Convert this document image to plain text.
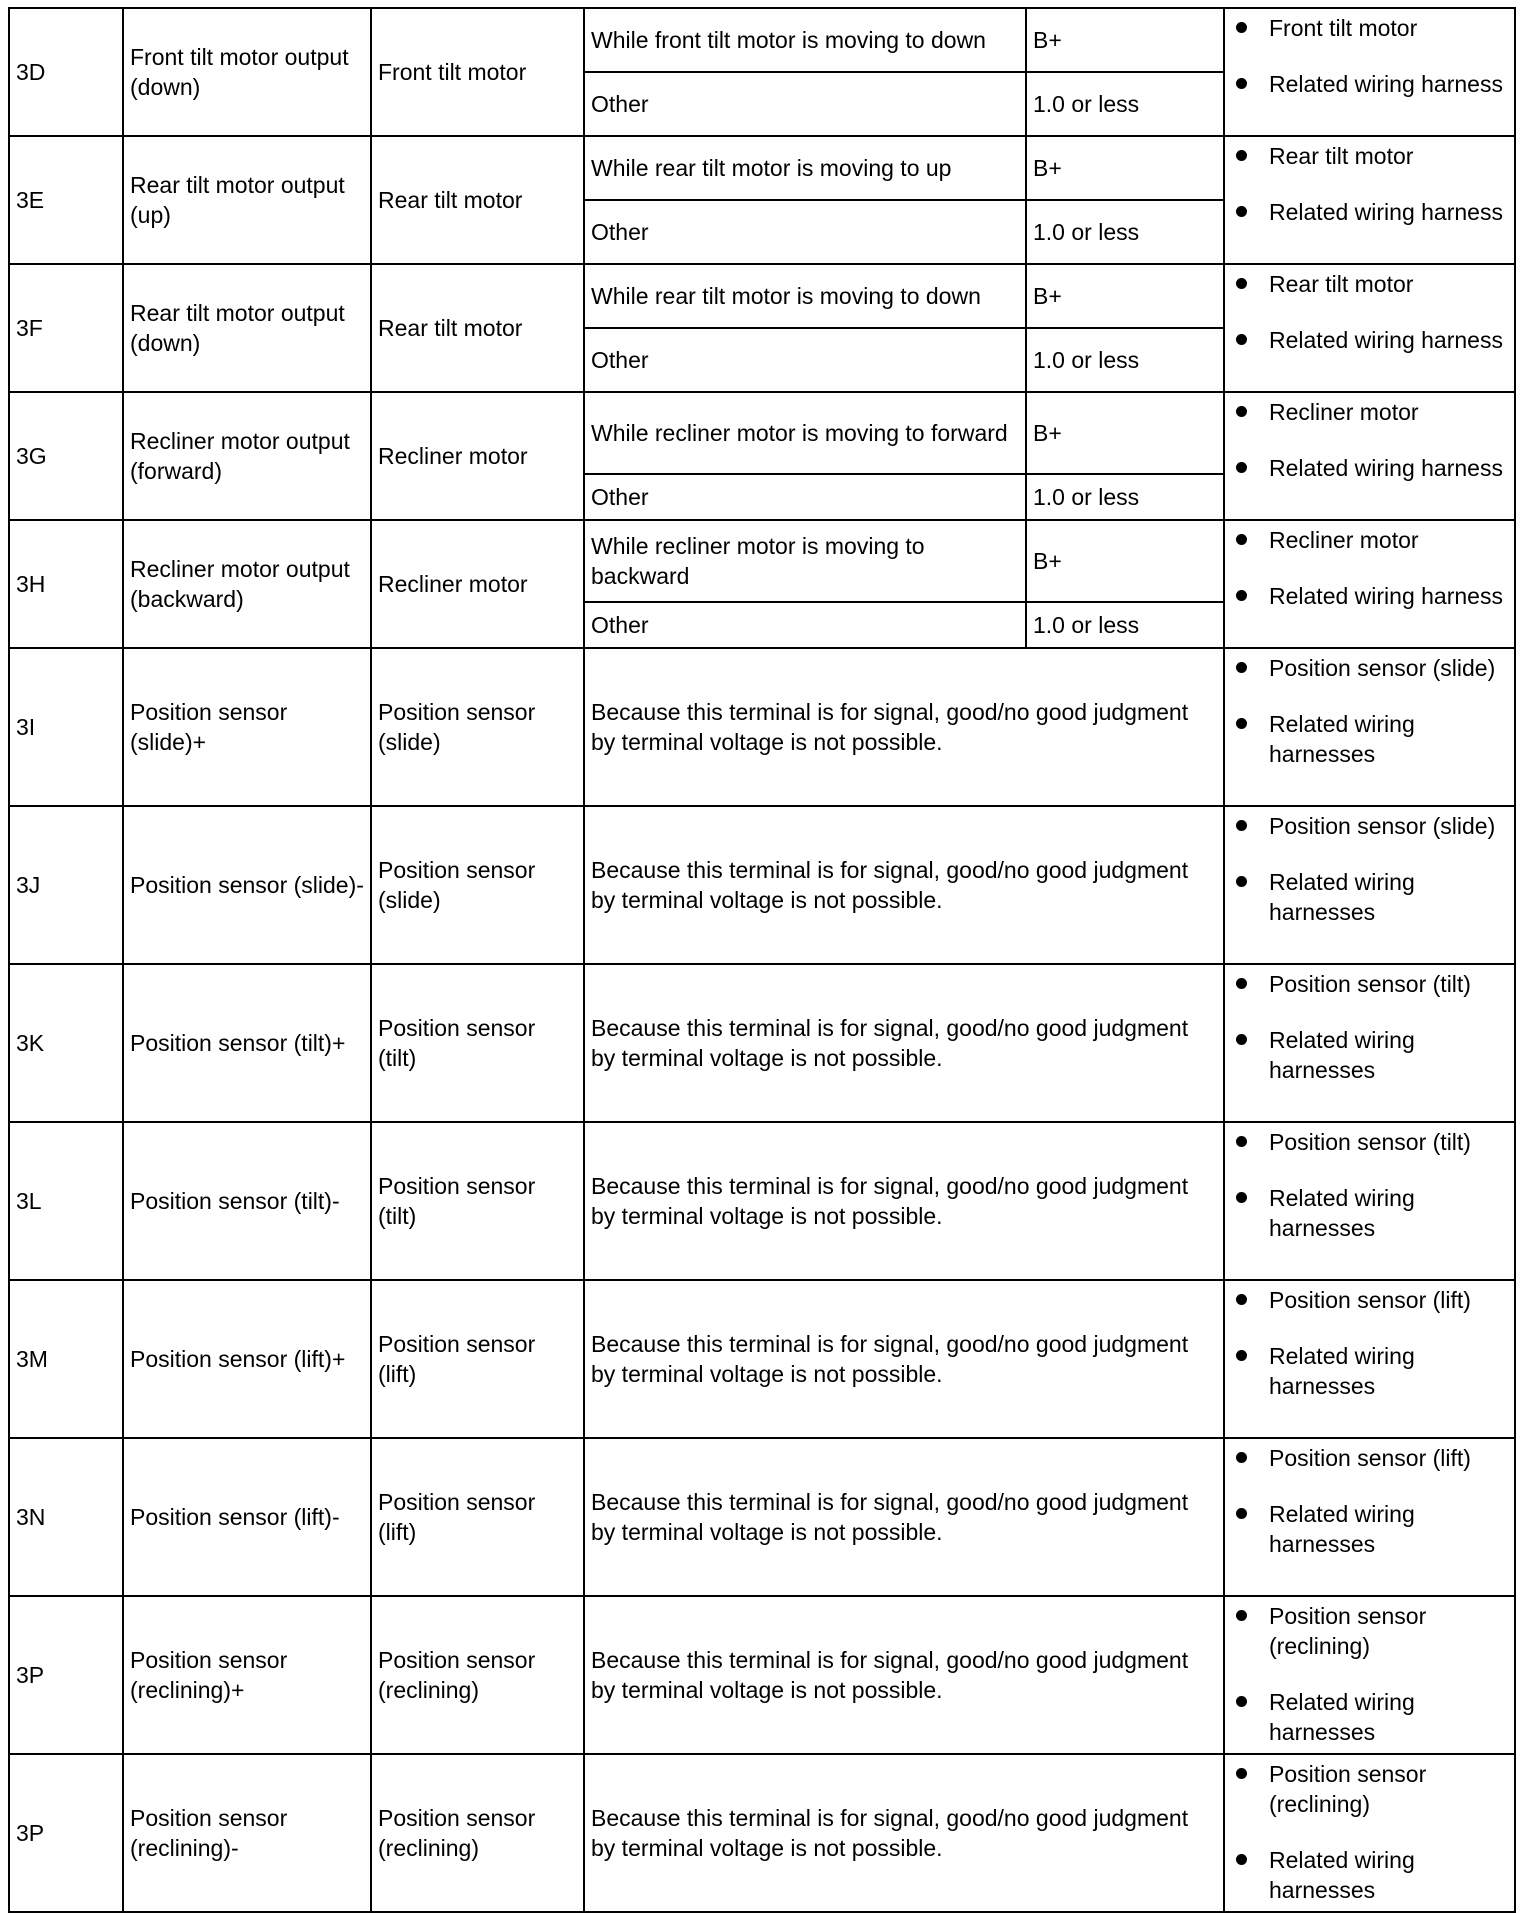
3D	Front tilt motor output (down)	Front tilt motor	While front tilt motor is moving to down	B+	Front tilt motor
Related wiring harness

			Other	1.0 or less	
3E	Rear tilt motor output (up)	Rear tilt motor	While rear tilt motor is moving to up	B+	Rear tilt motor
Related wiring harness

			Other	1.0 or less	
3F	Rear tilt motor output (down)	Rear tilt motor	While rear tilt motor is moving to down	B+	Rear tilt motor
Related wiring harness

			Other	1.0 or less	
3G	Recliner motor output (forward)	Recliner motor	While recliner motor is moving to forward	B+	Recliner motor
Related wiring harness

			Other	1.0 or less	
3H	Recliner motor output (backward)	Recliner motor	While recliner motor is moving to backward	B+	Recliner motor
Related wiring harness

			Other	1.0 or less	
3I	Position sensor (slide)+	Position sensor (slide)	Because this terminal is for signal, good/no good judgment by terminal voltage is not possible.		Position sensor (slide)
Related wiring harnesses

3J	Position sensor (slide)-	Position sensor (slide)	Because this terminal is for signal, good/no good judgment by terminal voltage is not possible.		Position sensor (slide)
Related wiring harnesses

3K	Position sensor (tilt)+	Position sensor (tilt)	Because this terminal is for signal, good/no good judgment by terminal voltage is not possible.		Position sensor (tilt)
Related wiring harnesses

3L	Position sensor (tilt)-	Position sensor (tilt)	Because this terminal is for signal, good/no good judgment by terminal voltage is not possible.		Position sensor (tilt)
Related wiring harnesses

3M	Position sensor (lift)+	Position sensor (lift)	Because this terminal is for signal, good/no good judgment by terminal voltage is not possible.		Position sensor (lift)
Related wiring harnesses

3N	Position sensor (lift)-	Position sensor (lift)	Because this terminal is for signal, good/no good judgment by terminal voltage is not possible.		Position sensor (lift)
Related wiring harnesses

3P	Position sensor (reclining)+	Position sensor (reclining)	Because this terminal is for signal, good/no good judgment by terminal voltage is not possible.		Position sensor (reclining)
Related wiring harnesses

3P	Position sensor (reclining)-	Position sensor (reclining)	Because this terminal is for signal, good/no good judgment by terminal voltage is not possible.		Position sensor (reclining)
Related wiring harnesses
